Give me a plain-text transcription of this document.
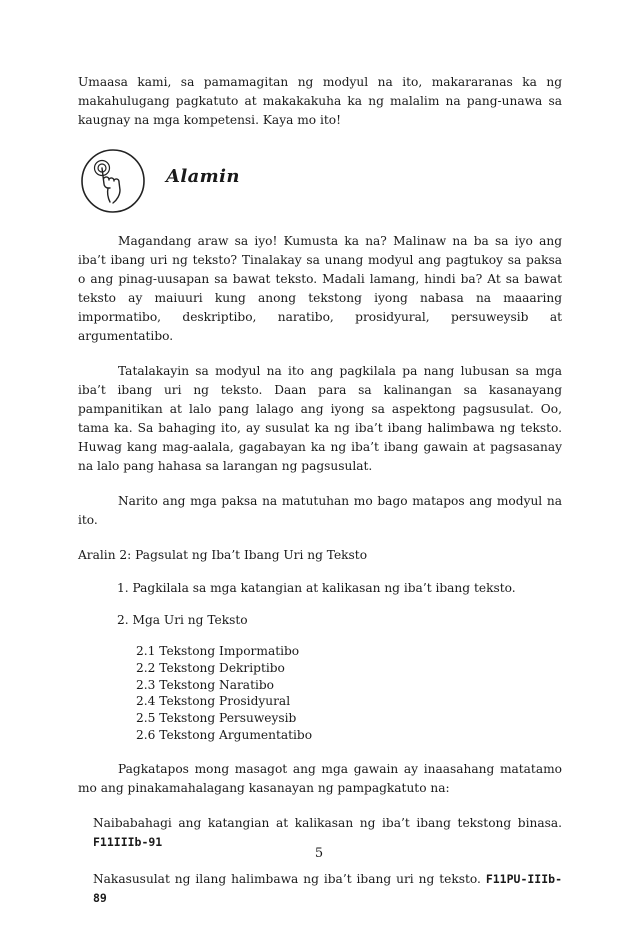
Umaasa kami, sa pamamagitan ng modyul na ito, makararanas ka ng makahulugang pagkatuto at makakakuha ka ng malalim na pang-unawa sa kaugnay na mga kompetensi. Kaya mo ito!

Alamin

Magandang araw sa iyo! Kumusta ka na? Malinaw na ba sa iyo ang iba’t ibang uri ng teksto? Tinalakay sa unang modyul ang pagtukoy sa paksa o ang pinag-uusapan sa bawat teksto. Madali lamang, hindi ba? At sa bawat teksto ay maiuuri kung anong tekstong iyong nabasa na maaaring impormatibo, deskriptibo, naratibo, prosidyural, persuweysib at argumentatibo.

Tatalakayin sa modyul na ito ang pagkilala pa nang lubusan sa mga iba’t ibang uri ng teksto. Daan para sa kalinangan sa kasanayang pampanitikan at lalo pang lalago ang iyong sa aspektong pagsusulat. Oo, tama ka. Sa bahaging ito, ay susulat ka ng iba’t ibang halimbawa ng teksto. Huwag kang mag-aalala, gagabayan ka ng iba’t ibang gawain at pagsasanay na lalo pang hahasa sa larangan ng pagsusulat.

Narito ang mga paksa na matutuhan mo bago matapos ang modyul na ito.

Aralin 2: Pagsulat ng Iba’t Ibang Uri ng Teksto

1. Pagkilala sa mga katangian at kalikasan ng iba’t ibang teksto.
2. Mga Uri ng Teksto
2.1 Tekstong Impormatibo
2.2 Tekstong Dekriptibo
2.3 Tekstong Naratibo
2.4 Tekstong Prosidyural
2.5 Tekstong Persuweysib
2.6 Tekstong Argumentatibo

Pagkatapos mong masagot ang mga gawain ay inaasahang matatamo mo ang pinakamahalagang kasanayan ng pampagkatuto na:

Naibabahagi ang katangian at kalikasan ng iba’t ibang tekstong binasa. F11IIIb-91

Nakasusulat ng ilang halimbawa ng iba’t ibang uri ng teksto. F11PU-IIIb-89

5
